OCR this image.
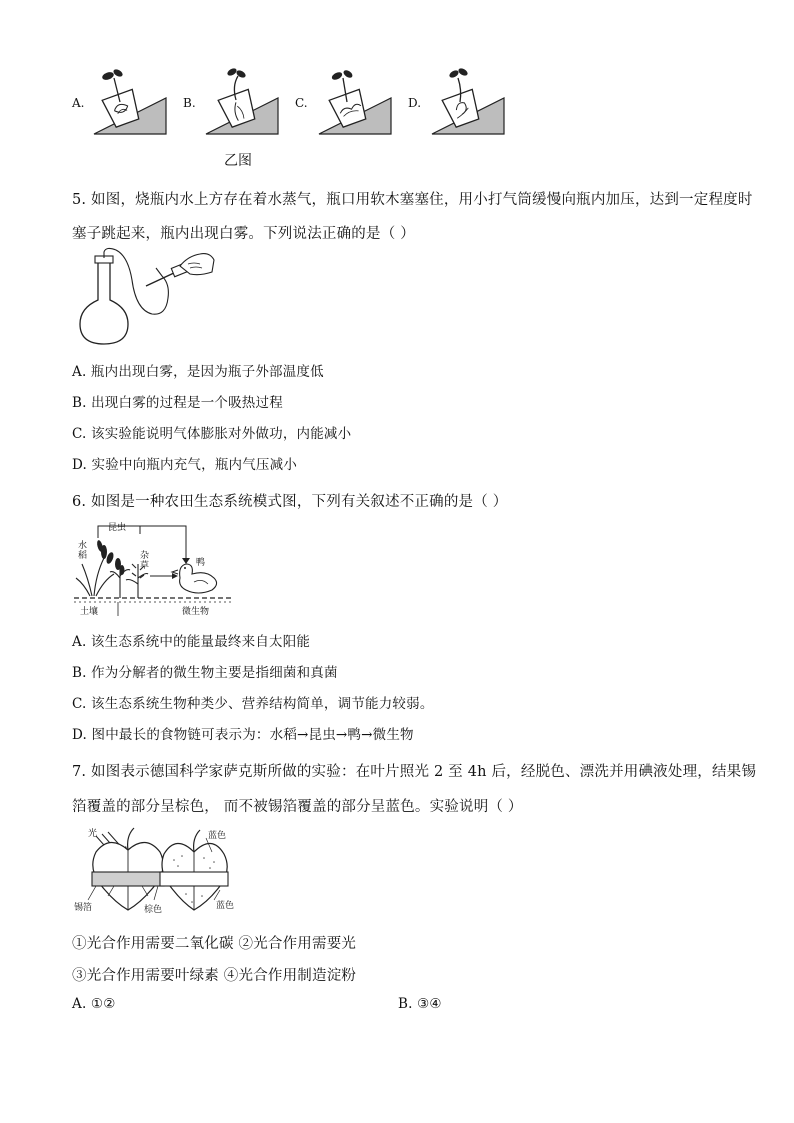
A.	B.	C.	D.
乙图
5. 如图，烧瓶内水上方存在着水蒸气，瓶口用软木塞塞住，用小打气筒缓慢向瓶内加压，达到一定程度时
塞子跳起来，瓶内出现白雾。下列说法正确的是（ ）
A. 瓶内出现白雾，是因为瓶子外部温度低
B. 出现白雾的过程是一个吸热过程
C. 该实验能说明气体膨胀对外做功，内能减小
D. 实验中向瓶内充气，瓶内气压减小
6. 如图是一种农田生态系统模式图，下列有关叙述不正确的是（ ）
昆虫
水
稻	杂
草	鸭
土壤	微生物
A. 该生态系统中的能量最终来自太阳能
B. 作为分解者的微生物主要是指细菌和真菌
C. 该生态系统生物种类少、营养结构简单，调节能力较弱。
D. 图中最长的食物链可表示为：水稻→昆虫→鸭→微生物
7. 如图表示德国科学家萨克斯所做的实验：在叶片照光 2 至 4h 后，经脱色、漂洗并用碘液处理，结果锡
箔覆盖的部分呈棕色， 而不被锡箔覆盖的部分呈蓝色。实验说明（ ）
光
锡箔	棕色
蓝色
蓝色
①光合作用需要二氧化碳 ②光合作用需要光
③光合作用需要叶绿素 ④光合作用制造淀粉
A. ①②	B. ③④
